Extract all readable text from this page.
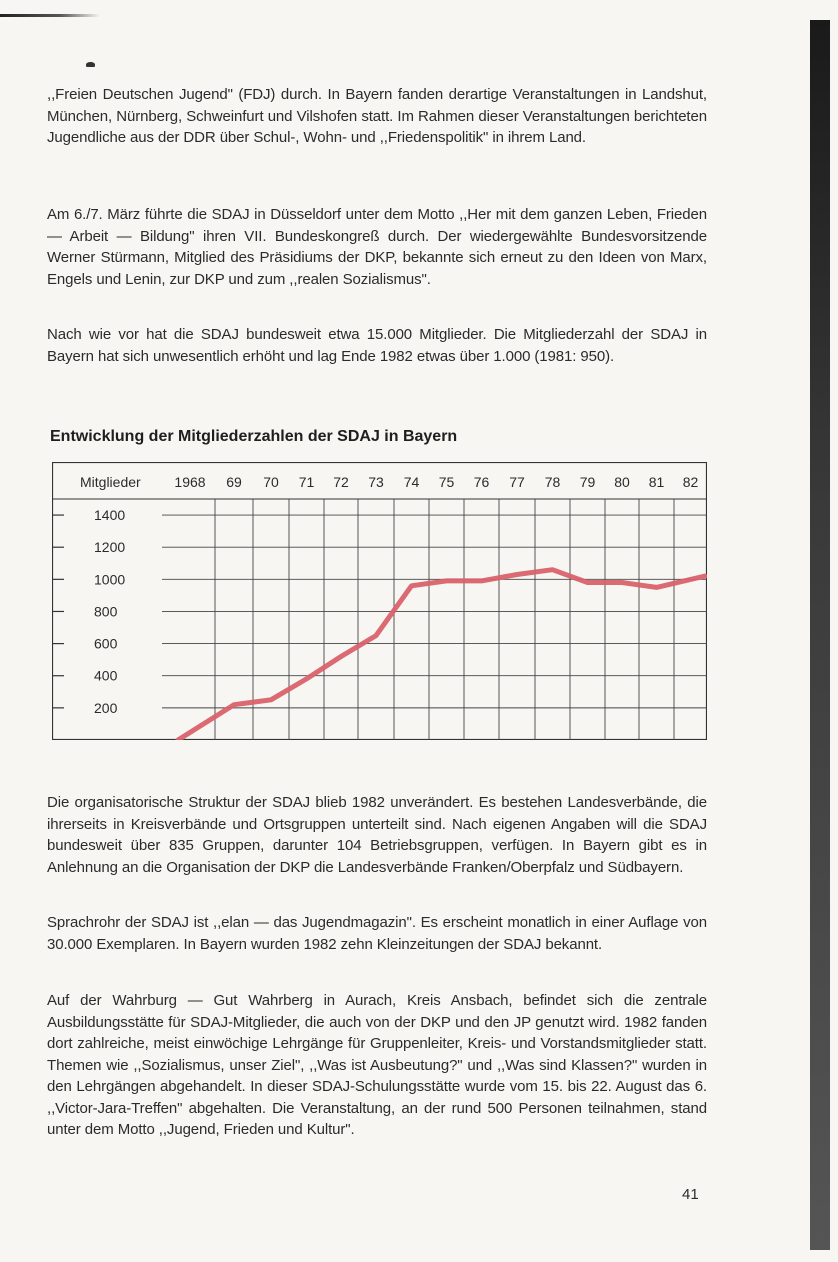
,,Freien Deutschen Jugend" (FDJ) durch. In Bayern fanden derartige Veranstaltungen in Landshut, München, Nürnberg, Schweinfurt und Vilshofen statt. Im Rahmen dieser Veranstaltungen berichteten Jugendliche aus der DDR über Schul-, Wohn- und ,,Friedenspolitik" in ihrem Land.

Am 6./7. März führte die SDAJ in Düsseldorf unter dem Motto ,,Her mit dem ganzen Leben, Frieden — Arbeit — Bildung" ihren VII. Bundeskongreß durch. Der wiedergewählte Bundesvorsitzende Werner Stürmann, Mitglied des Präsidiums der DKP, bekannte sich erneut zu den Ideen von Marx, Engels und Lenin, zur DKP und zum ,,realen Sozialismus".

Nach wie vor hat die SDAJ bundesweit etwa 15.000 Mitglieder. Die Mitgliederzahl der SDAJ in Bayern hat sich unwesentlich erhöht und lag Ende 1982 etwas über 1.000 (1981: 950).

Entwicklung der Mitgliederzahlen der SDAJ in Bayern
Mitglieder 1968 69 70 71 72 73 74 75 76 77 78 79 80 81 82
1400
1200
1000
800
600
400
200

Die organisatorische Struktur der SDAJ blieb 1982 unverändert. Es bestehen Landesverbände, die ihrerseits in Kreisverbände und Ortsgruppen unterteilt sind. Nach eigenen Angaben will die SDAJ bundesweit über 835 Gruppen, darunter 104 Betriebsgruppen, verfügen. In Bayern gibt es in Anlehnung an die Organisation der DKP die Landesverbände Franken/Oberpfalz und Südbayern.

Sprachrohr der SDAJ ist ,,elan — das Jugendmagazin". Es erscheint monatlich in einer Auflage von 30.000 Exemplaren. In Bayern wurden 1982 zehn Kleinzeitungen der SDAJ bekannt.

Auf der Wahrburg — Gut Wahrberg in Aurach, Kreis Ansbach, befindet sich die zentrale Ausbildungsstätte für SDAJ-Mitglieder, die auch von der DKP und den JP genutzt wird. 1982 fanden dort zahlreiche, meist einwöchige Lehrgänge für Gruppenleiter, Kreis- und Vorstandsmitglieder statt. Themen wie ,,Sozialismus, unser Ziel", ,,Was ist Ausbeutung?" und ,,Was sind Klassen?" wurden in den Lehrgängen abgehandelt. In dieser SDAJ-Schulungsstätte wurde vom 15. bis 22. August das 6. ,,Victor-Jara-Treffen" abgehalten. Die Veranstaltung, an der rund 500 Personen teilnahmen, stand unter dem Motto ,,Jugend, Frieden und Kultur".

41
